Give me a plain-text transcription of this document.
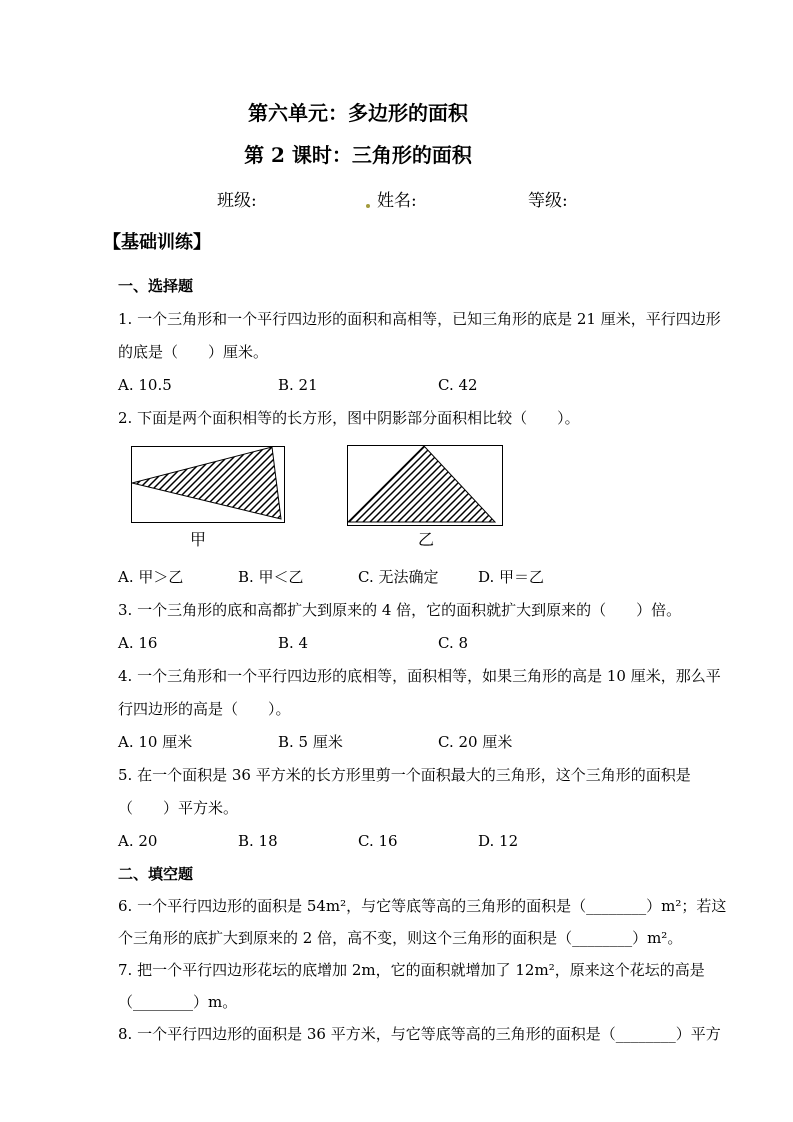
第六单元：多边形的面积

第 2 课时：三角形的面积

班级:	姓名:	等级:
【基础训练】

一、选择题

1. 一个三角形和一个平行四边形的面积和高相等，已知三角形的底是 21 厘米，平行四边形

的底是（　　）厘米。

A. 10.5	B. 21	C. 42

2. 下面是两个面积相等的长方形，图中阴影部分面积相比较（　　）。

甲	乙
A. 甲＞乙	B. 甲＜乙	C. 无法确定	D. 甲＝乙

3. 一个三角形的底和高都扩大到原来的 4 倍，它的面积就扩大到原来的（　　）倍。

A. 16	B. 4	C. 8

4. 一个三角形和一个平行四边形的底相等，面积相等，如果三角形的高是 10 厘米，那么平

行四边形的高是（　　）。

A. 10 厘米	B. 5 厘米	C. 20 厘米

5. 在一个面积是 36 平方米的长方形里剪一个面积最大的三角形，这个三角形的面积是

（　　）平方米。

A. 20	B. 18	C. 16	D. 12

二、填空题

6. 一个平行四边形的面积是 54m²，与它等底等高的三角形的面积是（________）m²；若这

个三角形的底扩大到原来的 2 倍，高不变，则这个三角形的面积是（________）m²。

7. 把一个平行四边形花坛的底增加 2m，它的面积就增加了 12m²，原来这个花坛的高是

（________）m。

8. 一个平行四边形的面积是 36 平方米，与它等底等高的三角形的面积是（________）平方
